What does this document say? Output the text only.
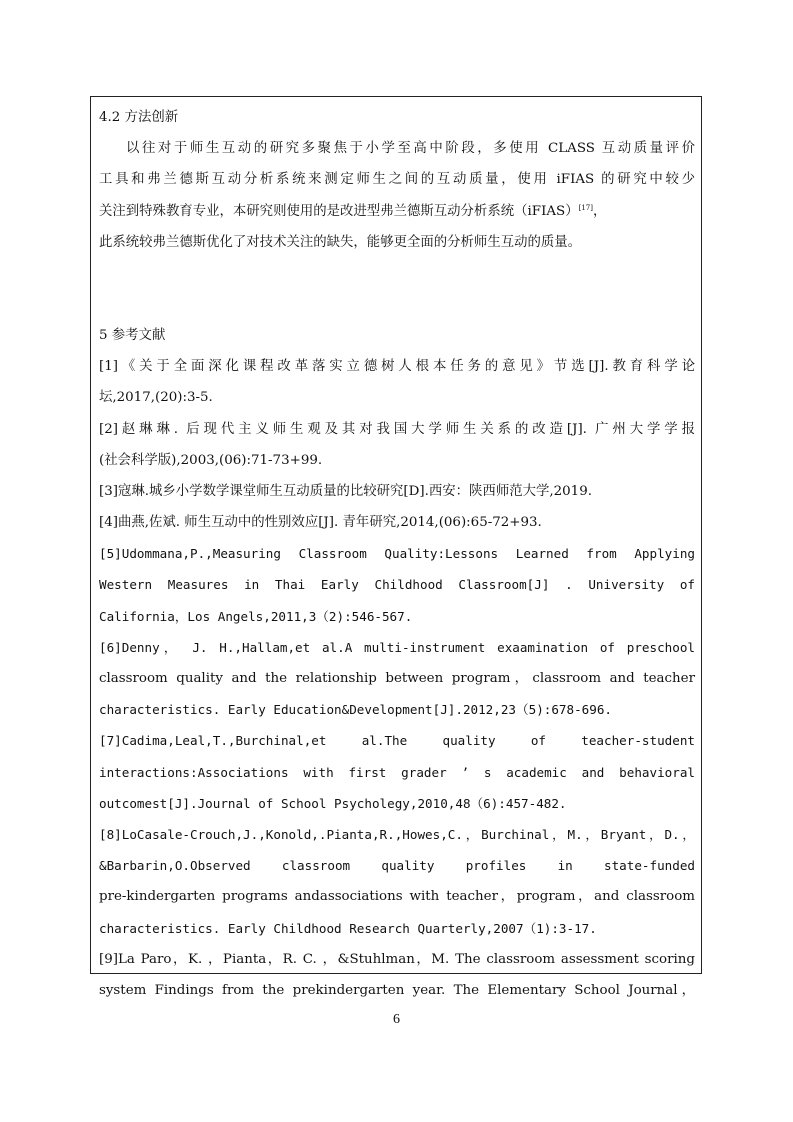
4.2 方法创新
以往对于师生互动的研究多聚焦于小学至高中阶段，多使用 CLASS 互动质量评价
工具和弗兰德斯互动分析系统来测定师生之间的互动质量，使用 iFIAS 的研究中较少
关注到特殊教育专业，本研究则使用的是改进型弗兰德斯互动分析系统（iFIAS）[17]，
此系统较弗兰德斯优化了对技术关注的缺失，能够更全面的分析师生互动的质量。
5 参考文献
[1]《关于全面深化课程改革落实立德树人根本任务的意见》节选[J].教育科学论
坛,2017,(20):3-5.
[2]赵琳琳. 后现代主义师生观及其对我国大学师生关系的改造[J]. 广州大学学报
(社会科学版),2003,(06):71-73+99.
[3]寇琳.城乡小学数学课堂师生互动质量的比较研究[D].西安：陕西师范大学,2019.
[4]曲燕,佐斌. 师生互动中的性别效应[J]. 青年研究,2014,(06):65-72+93.
[5]Udommana,P.,Measuring Classroom Quality:Lessons Learned from Applying
Western Measures in Thai Early Childhood Classroom[J] . University of
California，Los Angels,2011,3（2):546-567.
[6]Denny， J. H.,Hallam,et al.A multi-instrument exaamination of preschool
classroom quality and the relationship between program，classroom and teacher
characteristics. Early Education&Development[J].2012,23（5):678-696.
[7]Cadima,Leal,T.,Burchinal,et al.The quality of teacher-student
interactions:Associations with first grader ’ s academic and behavioral
outcomest[J].Journal of School Psycholegy,2010,48（6):457-482.
[8]LoCasale-Crouch,J.,Konold,.Pianta,R.,Howes,C.，Burchinal，M.，Bryant，D.，
&Barbarin,O.Observed classroom quality profiles in state-funded
pre-kindergarten programs andassociations with teacher，program，and classroom
characteristics. Early Childhood Research Quarterly,2007（1):3-17.
[9]La Paro，K. ，Pianta，R. C. ，&Stuhlman，M. The classroom assessment scoring
system Findings from the prekindergarten year. The Elementary School Journal，
6
